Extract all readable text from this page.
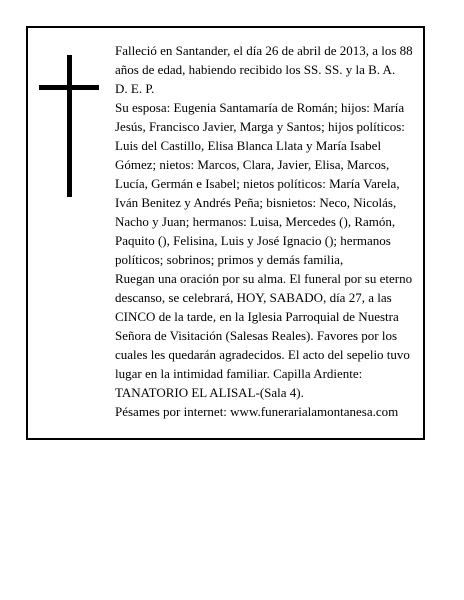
Falleció en Santander, el día 26 de abril de 2013, a los 88 años de edad, habiendo recibido los SS. SS. y la B. A.

D. E. P.

Su esposa: Eugenia Santamaría de Román; hijos: María Jesús, Francisco Javier, Marga y Santos; hijos políticos: Luis del Castillo, Elisa Blanca Llata y María Isabel Gómez; nietos: Marcos, Clara, Javier, Elisa, Marcos, Lucía, Germán e Isabel; nietos políticos: María Varela, Iván Benitez y Andrés Peña; bisnietos: Neco, Nicolás, Nacho y Juan; hermanos: Luisa, Mercedes (), Ramón, Paquito (), Felisina, Luis y José Ignacio (); hermanos políticos; sobrinos; primos y demás familia,

Ruegan una oración por su alma. El funeral por su eterno descanso, se celebrará, HOY, SABADO, día 27, a las CINCO de la tarde, en la Iglesia Parroquial de Nuestra Señora de Visitación (Salesas Reales). Favores por los cuales les quedarán agradecidos. El acto del sepelio tuvo lugar en la intimidad familiar. Capilla Ardiente: TANATORIO EL ALISAL-(Sala 4).

Pésames por internet: www.funerarialamontanesa.com
